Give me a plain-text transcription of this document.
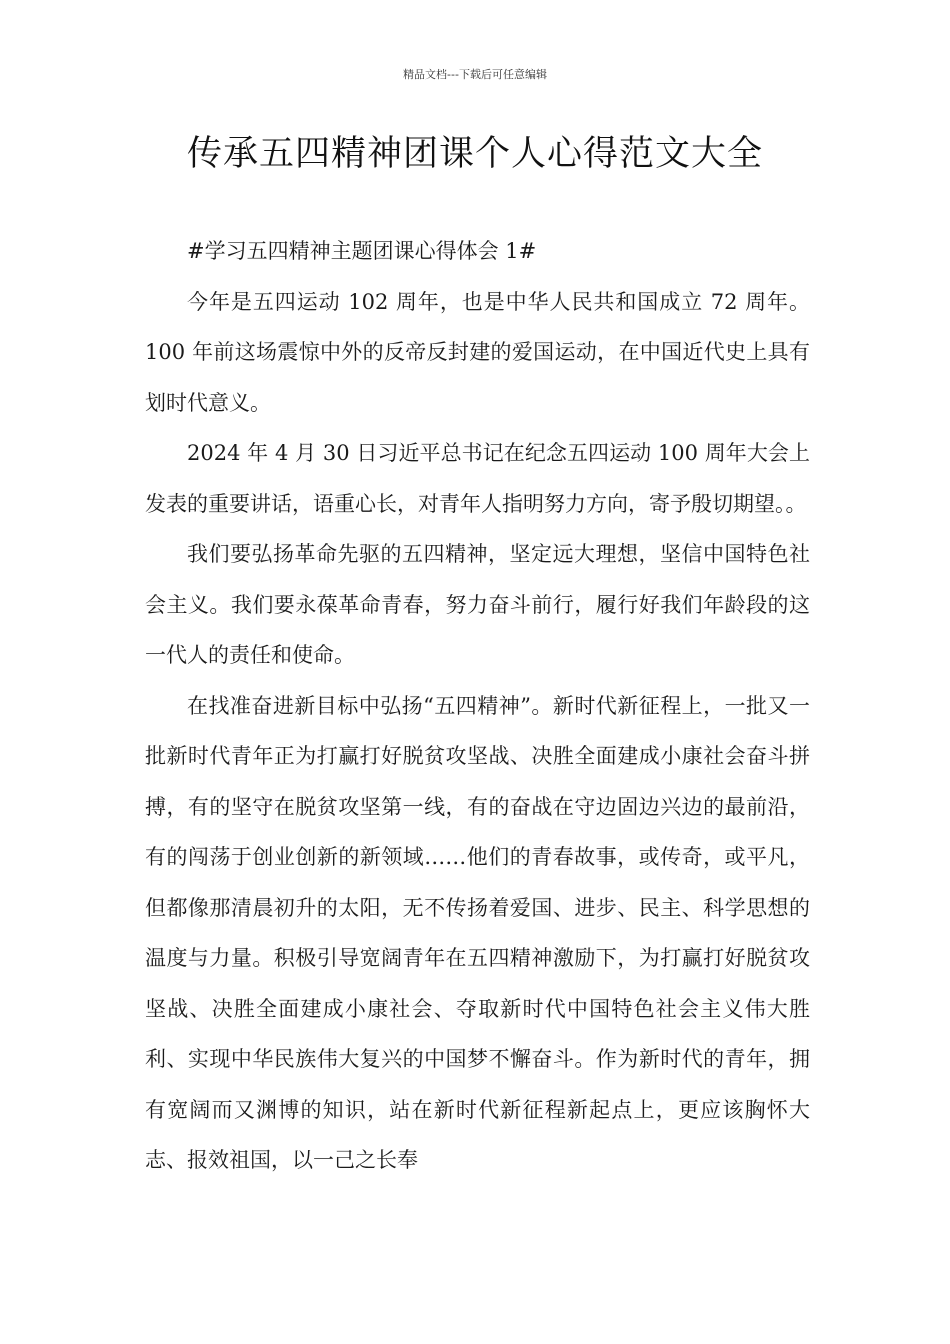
精品文档---下载后可任意编辑
传承五四精神团课个人心得范文大全

#学习五四精神主题团课心得体会 1#

今年是五四运动 102 周年，也是中华人民共和国成立 72 周年。100 年前这场震惊中外的反帝反封建的爱国运动，在中国近代史上具有划时代意义。

2024 年 4 月 30 日习近平总书记在纪念五四运动 100 周年大会上发表的重要讲话，语重心长，对青年人指明努力方向，寄予殷切期望。。

我们要弘扬革命先驱的五四精神，坚定远大理想，坚信中国特色社会主义。我们要永葆革命青春，努力奋斗前行，履行好我们年龄段的这一代人的责任和使命。

在找准奋进新目标中弘扬“五四精神”。新时代新征程上，一批又一批新时代青年正为打赢打好脱贫攻坚战、决胜全面建成小康社会奋斗拼搏，有的坚守在脱贫攻坚第一线，有的奋战在守边固边兴边的最前沿，有的闯荡于创业创新的新领域……他们的青春故事，或传奇，或平凡，但都像那清晨初升的太阳，无不传扬着爱国、进步、民主、科学思想的温度与力量。积极引导宽阔青年在五四精神激励下，为打赢打好脱贫攻坚战、决胜全面建成小康社会、夺取新时代中国特色社会主义伟大胜利、实现中华民族伟大复兴的中国梦不懈奋斗。作为新时代的青年，拥有宽阔而又渊博的知识，站在新时代新征程新起点上，更应该胸怀大志、报效祖国，以一己之长奉
